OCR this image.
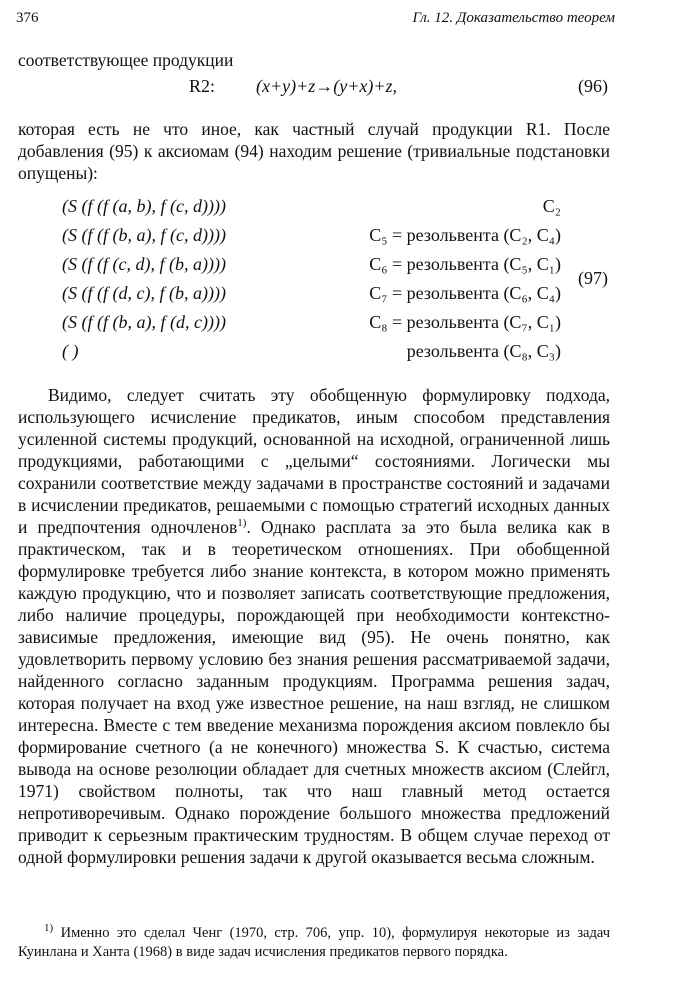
376	Гл. 12. Доказательство теорем
соответствующее продукции
R2: (x+y)+z→(y+x)+z,	(96)
которая есть не что иное, как частный случай продукции R1. После добавления (95) к аксиомам (94) находим решение (тривиальные подстановки опущены):
(S (f (f (a, b), f (c, d))))	C₂
(S (f (f (b, a), f (c, d))))	C₅ = резольвента (C₂, C₄)
(S (f (f (c, d), f (b, a))))	C₆ = резольвента (C₅, C₁)
(S (f (f (d, c), f (b, a))))	C₇ = резольвента (C₆, C₄)
(S (f (f (b, a), f (d, c))))	C₈ = резольвента (C₇, C₁)
( )	резольвента (C₈, C₃)
(97)
Видимо, следует считать эту обобщенную формулировку подхода, использующего исчисление предикатов, иным способом представления усиленной системы продукций, основанной на исходной, ограниченной лишь продукциями, работающими с „целыми“ состояниями. Логически мы сохранили соответствие между задачами в пространстве состояний и задачами в исчислении предикатов, решаемыми с помощью стратегий исходных данных и предпочтения одночленов$^{1)}$. Однако расплата за это была велика как в практическом, так и в теоретическом отношениях. При обобщенной формулировке требуется либо знание контекста, в котором можно применять каждую продукцию, что и позволяет записать соответствующие предложения, либо наличие процедуры, порождающей при необходимости контекстно-зависимые предложения, имеющие вид (95). Не очень понятно, как удовлетворить первому условию без знания решения рассматриваемой задачи, найденного согласно заданным продукциям. Программа решения задач, которая получает на вход уже известное решение, на наш взгляд, не слишком интересна. Вместе с тем введение механизма порождения аксиом повлекло бы формирование счетного (а не конечного) множества S. К счастью, система вывода на основе резолюции обладает для счетных множеств аксиом (Слейгл, 1971) свойством полноты, так что наш главный метод остается непротиворечивым. Однако порождение большого множества предложений приводит к серьезным практическим трудностям. В общем случае переход от одной формулировки решения задачи к другой оказывается весьма сложным.
$^{1)}$ Именно это сделал Ченг (1970, стр. 706, упр. 10), формулируя некоторые из задач Куинлана и Ханта (1968) в виде задач исчисления предикатов первого порядка.
